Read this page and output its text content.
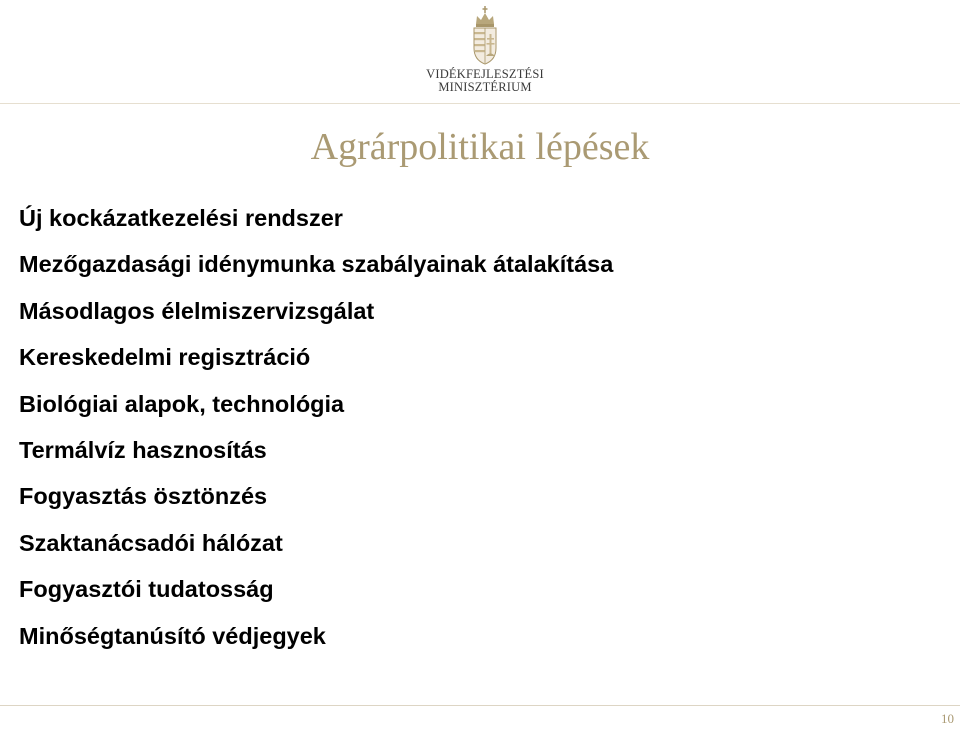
VIDÉKFEJLESZTÉSI
MINISZTÉRIUM
Agrárpolitikai lépések
Új kockázatkezelési rendszer
Mezőgazdasági idénymunka szabályainak átalakítása
Másodlagos élelmiszervizsgálat
Kereskedelmi regisztráció
Biológiai alapok, technológia
Termálvíz hasznosítás
Fogyasztás ösztönzés
Szaktanácsadói hálózat
Fogyasztói tudatosság
Minőségtanúsító védjegyek
10
